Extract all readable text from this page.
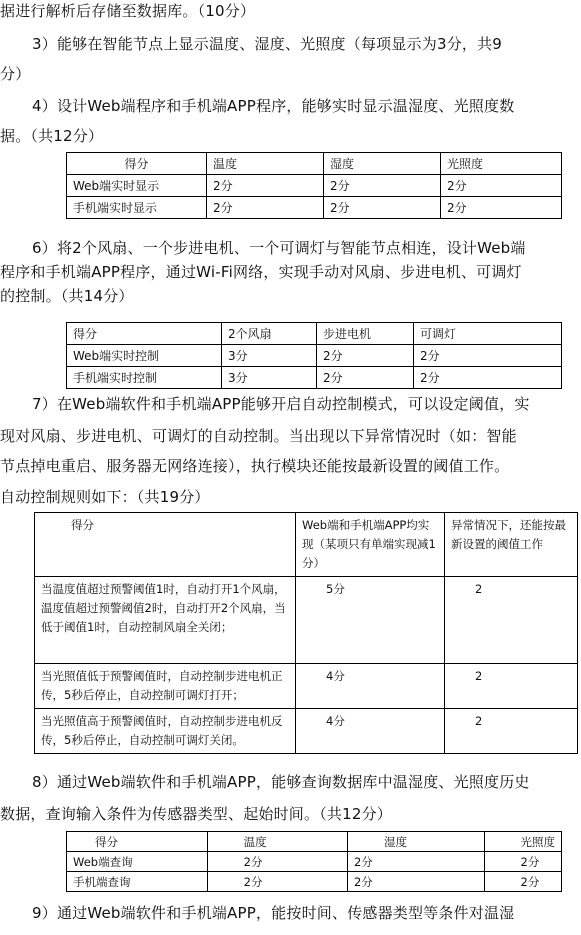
据进行解析后存储至数据库。（10分）
3）能够在智能节点上显示温度、湿度、光照度（每项显示为3分，共9
分）
4）设计Web端程序和手机端APP程序，能够实时显示温湿度、光照度数
据。（共12分）
得分	温度	湿度	光照度
Web端实时显示	2分	2分	2分
手机端实时显示	2分	2分	2分
6）将2个风扇、一个步进电机、一个可调灯与智能节点相连，设计Web端
程序和手机端APP程序，通过Wi-Fi网络，实现手动对风扇、步进电机、可调灯
的控制。（共14分）
得分	2个风扇	步进电机	可调灯
Web端实时控制	3分	2分	2分
手机端实时控制	3分	2分	2分
7）在Web端软件和手机端APP能够开启自动控制模式，可以设定阈值，实
现对风扇、步进电机、可调灯的自动控制。当出现以下异常情况时（如：智能
节点掉电重启、服务器无网络连接），执行模块还能按最新设置的阈值工作。
自动控制规则如下：（共19分）
得分	Web端和手机端APP均实现（某项只有单端实现减1分）	异常情况下，还能按最新设置的阈值工作
当温度值超过预警阈值1时，自动打开1个风扇，温度值超过预警阈值2时，自动打开2个风扇，当低于阈值1时，自动控制风扇全关闭；	5分	2
当光照值低于预警阈值时，自动控制步进电机正传，5秒后停止，自动控制可调灯打开；	4分	2
当光照值高于预警阈值时，自动控制步进电机反传，5秒后停止，自动控制可调灯关闭。	4分	2
8）通过Web端软件和手机端APP，能够查询数据库中温湿度、光照度历史
数据，查询输入条件为传感器类型、起始时间。（共12分）
得分	温度	湿度	光照度
Web端查询	2分	2分	2分
手机端查询	2分	2分	2分
9）通过Web端软件和手机端APP，能按时间、传感器类型等条件对温湿
